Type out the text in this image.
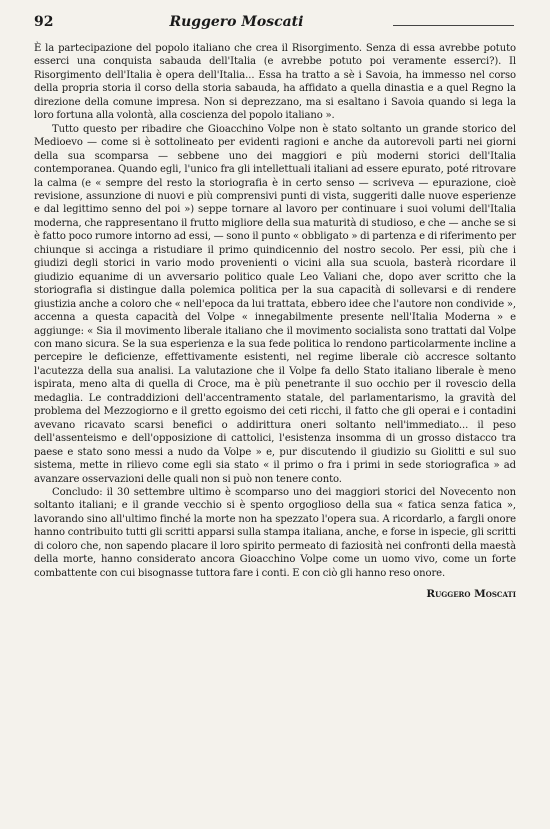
92	Ruggero Moscati

È la partecipazione del popolo italiano che crea il Risorgimento. Senza di essa avrebbe potuto esserci una conquista sabauda dell'Italia (e avrebbe potuto poi veramente esserci?). Il Risorgimento dell'Italia è opera dell'Italia... Essa ha tratto a sè i Savoia, ha immesso nel corso della propria storia il corso della storia sabauda, ha affidato a quella dinastia e a quel Regno la direzione della comune impresa. Non si deprezzano, ma si esaltano i Savoia quando si lega la loro fortuna alla volontà, alla coscienza del popolo italiano ».

Tutto questo per ribadire che Gioacchino Volpe non è stato soltanto un grande storico del Medioevo — come si è sottolineato per evidenti ragioni e anche da autorevoli parti nei giorni della sua scomparsa — sebbene uno dei maggiori e più moderni storici dell'Italia contemporanea. Quando egli, l'unico fra gli intellettuali italiani ad essere epurato, poté ritrovare la calma (e « sempre del resto la storiografia è in certo senso — scriveva — epurazione, cioè revisione, assunzione di nuovi e più comprensivi punti di vista, suggeriti dalle nuove esperienze e dal legittimo senno del poi ») seppe tornare al lavoro per continuare i suoi volumi dell'Italia moderna, che rappresentano il frutto migliore della sua maturità di studioso, e che — anche se si è fatto poco rumore intorno ad essi, — sono il punto « obbligato » di partenza e di riferimento per chiunque si accinga a ristudiare il primo quindicennio del nostro secolo. Per essi, più che i giudizi degli storici in vario modo provenienti o vicini alla sua scuola, basterà ricordare il giudizio equanime di un avversario politico quale Leo Valiani che, dopo aver scritto che la storiografia si distingue dalla polemica politica per la sua capacità di sollevarsi e di rendere giustizia anche a coloro che « nell'epoca da lui trattata, ebbero idee che l'autore non condivide », accenna a questa capacità del Volpe « innegabilmente presente nell'Italia Moderna » e aggiunge: « Sia il movimento liberale italiano che il movimento socialista sono trattati dal Volpe con mano sicura. Se la sua esperienza e la sua fede politica lo rendono particolarmente incline a percepire le deficienze, effettivamente esistenti, nel regime liberale ciò accresce soltanto l'acutezza della sua analisi. La valutazione che il Volpe fa dello Stato italiano liberale è meno ispirata, meno alta di quella di Croce, ma è più penetrante il suo occhio per il rovescio della medaglia. Le contraddizioni dell'accentramento statale, del parlamentarismo, la gravità del problema del Mezzogiorno e il gretto egoismo dei ceti ricchi, il fatto che gli operai e i contadini avevano ricavato scarsi benefici o addirittura oneri soltanto nell'immediato... il peso dell'assenteismo e dell'opposizione di cattolici, l'esistenza insomma di un grosso distacco tra paese e stato sono messi a nudo da Volpe » e, pur discutendo il giudizio su Giolitti e sul suo sistema, mette in rilievo come egli sia stato « il primo o fra i primi in sede storiografica » ad avanzare osservazioni delle quali non si può non tenere conto.

Concludo: il 30 settembre ultimo è scomparso uno dei maggiori storici del Novecento non soltanto italiani; e il grande vecchio si è spento orgoglioso della sua « fatica senza fatica », lavorando sino all'ultimo finché la morte non ha spezzato l'opera sua. A ricordarlo, a fargli onore hanno contribuito tutti gli scritti apparsi sulla stampa italiana, anche, e forse in ispecie, gli scritti di coloro che, non sapendo placare il loro spirito permeato di faziosità nei confronti della maestà della morte, hanno considerato ancora Gioacchino Volpe come un uomo vivo, come un forte combattente con cui bisognasse tuttora fare i conti. E con ciò gli hanno reso onore.

Ruggero Moscati
